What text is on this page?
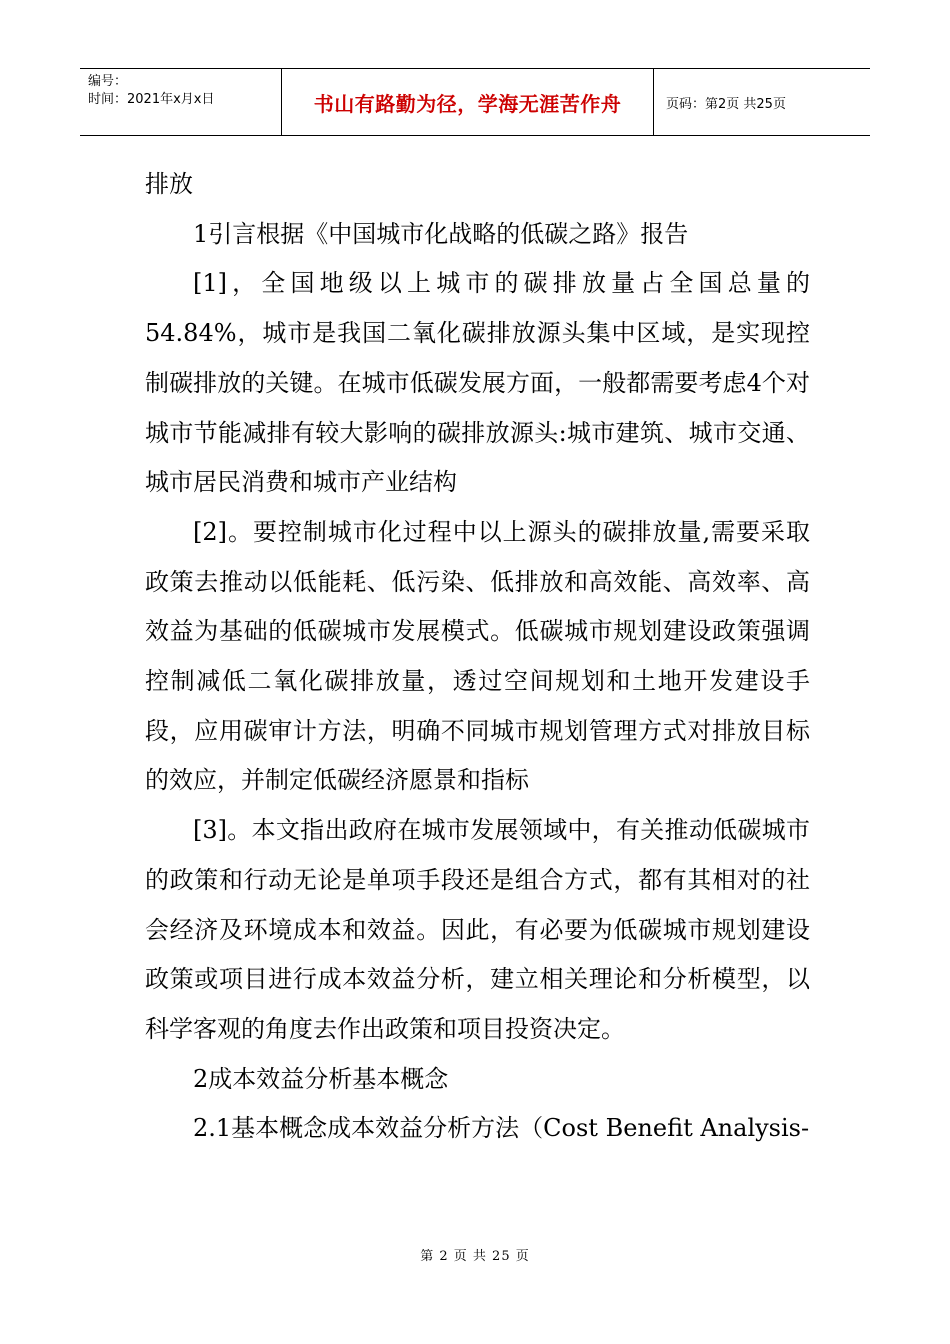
编号：
时间：2021年x月x日	书山有路勤为径，学海无涯苦作舟	页码：第2页 共25页

排放

1引言根据《中国城市化战略的低碳之路》报告

[1]，全国地级以上城市的碳排放量占全国总量的54.84%，城市是我国二氧化碳排放源头集中区域，是实现控制碳排放的关键。在城市低碳发展方面，一般都需要考虑4个对城市节能减排有较大影响的碳排放源头:城市建筑、城市交通、城市居民消费和城市产业结构

[2]。要控制城市化过程中以上源头的碳排放量,需要采取政策去推动以低能耗、低污染、低排放和高效能、高效率、高效益为基础的低碳城市发展模式。低碳城市规划建设政策强调控制减低二氧化碳排放量，透过空间规划和土地开发建设手段，应用碳审计方法，明确不同城市规划管理方式对排放目标的效应，并制定低碳经济愿景和指标

[3]。本文指出政府在城市发展领域中，有关推动低碳城市的政策和行动无论是单项手段还是组合方式，都有其相对的社会经济及环境成本和效益。因此，有必要为低碳城市规划建设政策或项目进行成本效益分析，建立相关理论和分析模型，以科学客观的角度去作出政策和项目投资决定。

2成本效益分析基本概念

2.1基本概念成本效益分析方法（Cost Benefit Analysis-

第 2 页 共 25 页
